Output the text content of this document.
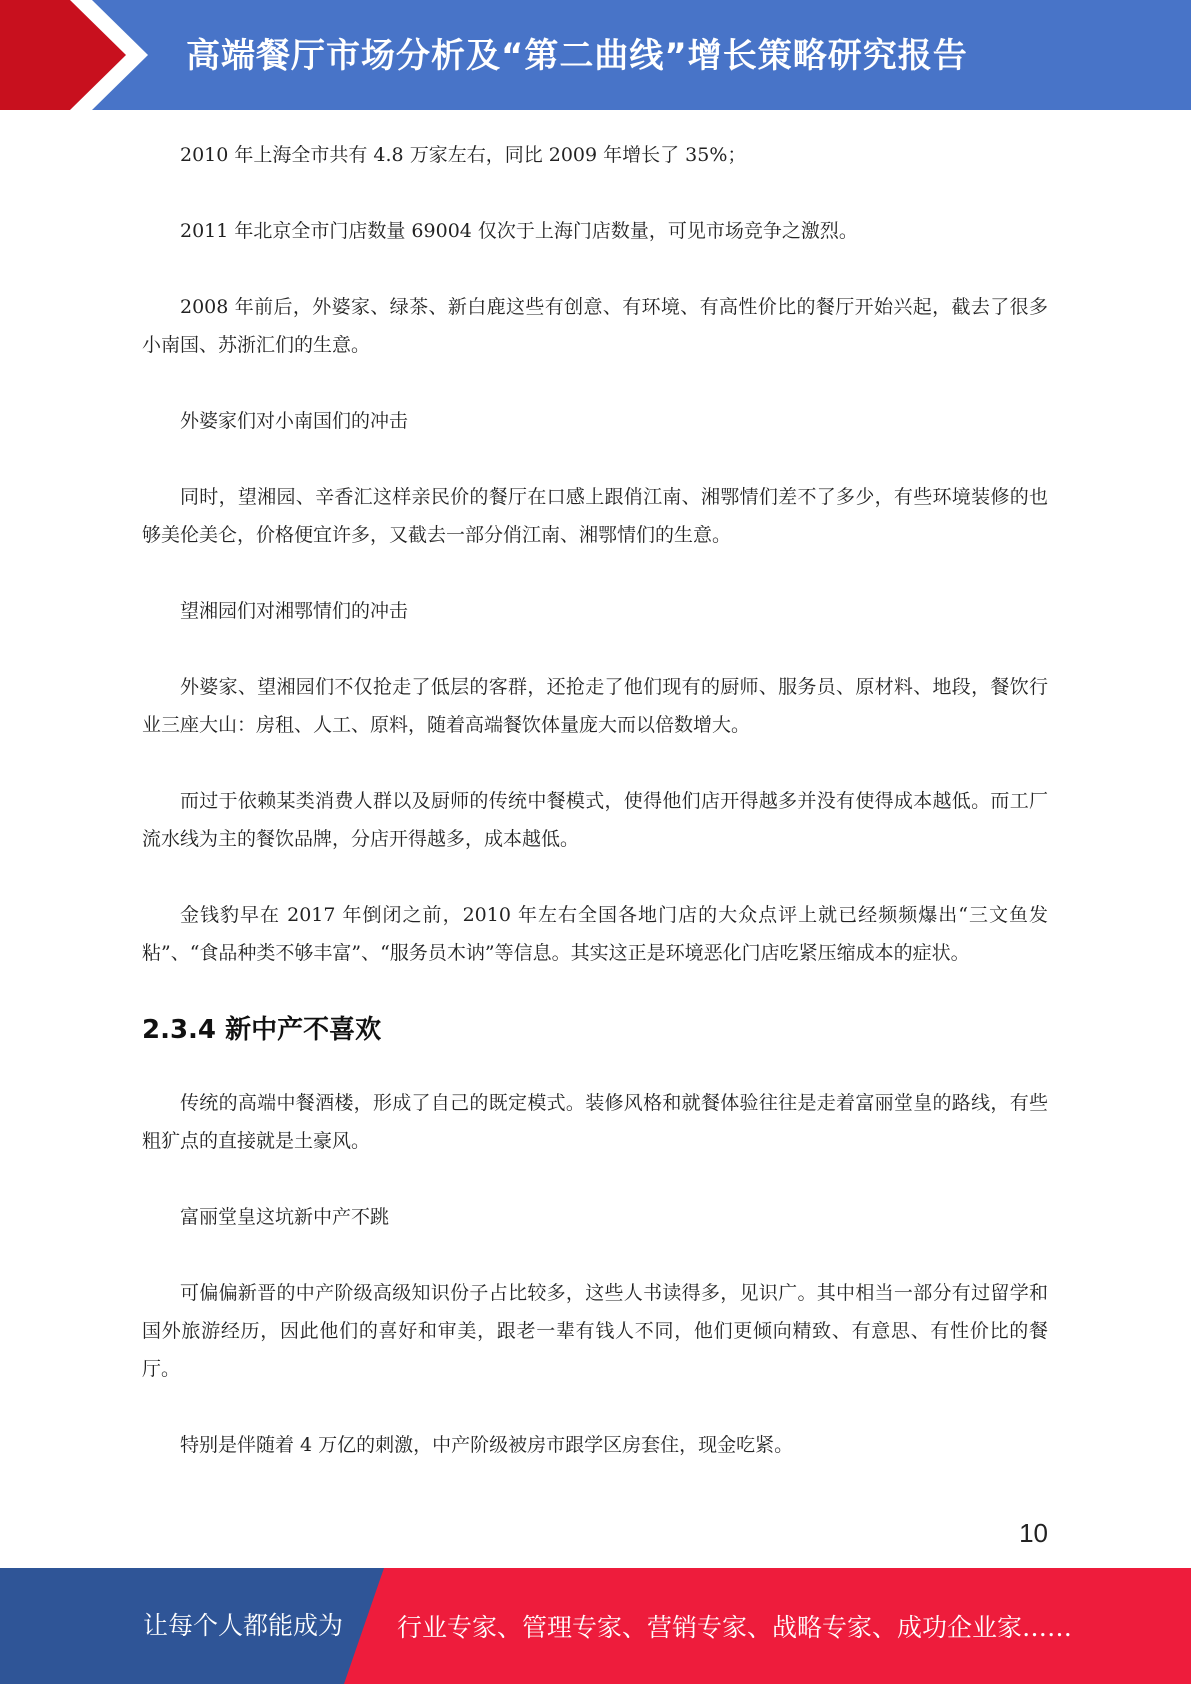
高端餐厅市场分析及“第二曲线”增长策略研究报告

2010 年上海全市共有 4.8 万家左右，同比 2009 年增长了 35%；

2011 年北京全市门店数量 69004 仅次于上海门店数量，可见市场竞争之激烈。

2008 年前后，外婆家、绿茶、新白鹿这些有创意、有环境、有高性价比的餐厅开始兴起，截去了很多小南国、苏浙汇们的生意。

外婆家们对小南国们的冲击

同时，望湘园、辛香汇这样亲民价的餐厅在口感上跟俏江南、湘鄂情们差不了多少，有些环境装修的也够美伦美仑，价格便宜许多，又截去一部分俏江南、湘鄂情们的生意。

望湘园们对湘鄂情们的冲击

外婆家、望湘园们不仅抢走了低层的客群，还抢走了他们现有的厨师、服务员、原材料、地段，餐饮行业三座大山：房租、人工、原料，随着高端餐饮体量庞大而以倍数增大。

而过于依赖某类消费人群以及厨师的传统中餐模式，使得他们店开得越多并没有使得成本越低。而工厂流水线为主的餐饮品牌，分店开得越多，成本越低。

金钱豹早在 2017 年倒闭之前，2010 年左右全国各地门店的大众点评上就已经频频爆出“三文鱼发粘”、“食品种类不够丰富”、“服务员木讷”等信息。其实这正是环境恶化门店吃紧压缩成本的症状。

2.3.4 新中产不喜欢

传统的高端中餐酒楼，形成了自己的既定模式。装修风格和就餐体验往往是走着富丽堂皇的路线，有些粗犷点的直接就是土豪风。

富丽堂皇这坑新中产不跳

可偏偏新晋的中产阶级高级知识份子占比较多，这些人书读得多，见识广。其中相当一部分有过留学和国外旅游经历，因此他们的喜好和审美，跟老一辈有钱人不同，他们更倾向精致、有意思、有性价比的餐厅。

特别是伴随着 4 万亿的刺激，中产阶级被房市跟学区房套住，现金吃紧。

10
让每个人都能成为 行业专家、管理专家、营销专家、战略专家、成功企业家……
